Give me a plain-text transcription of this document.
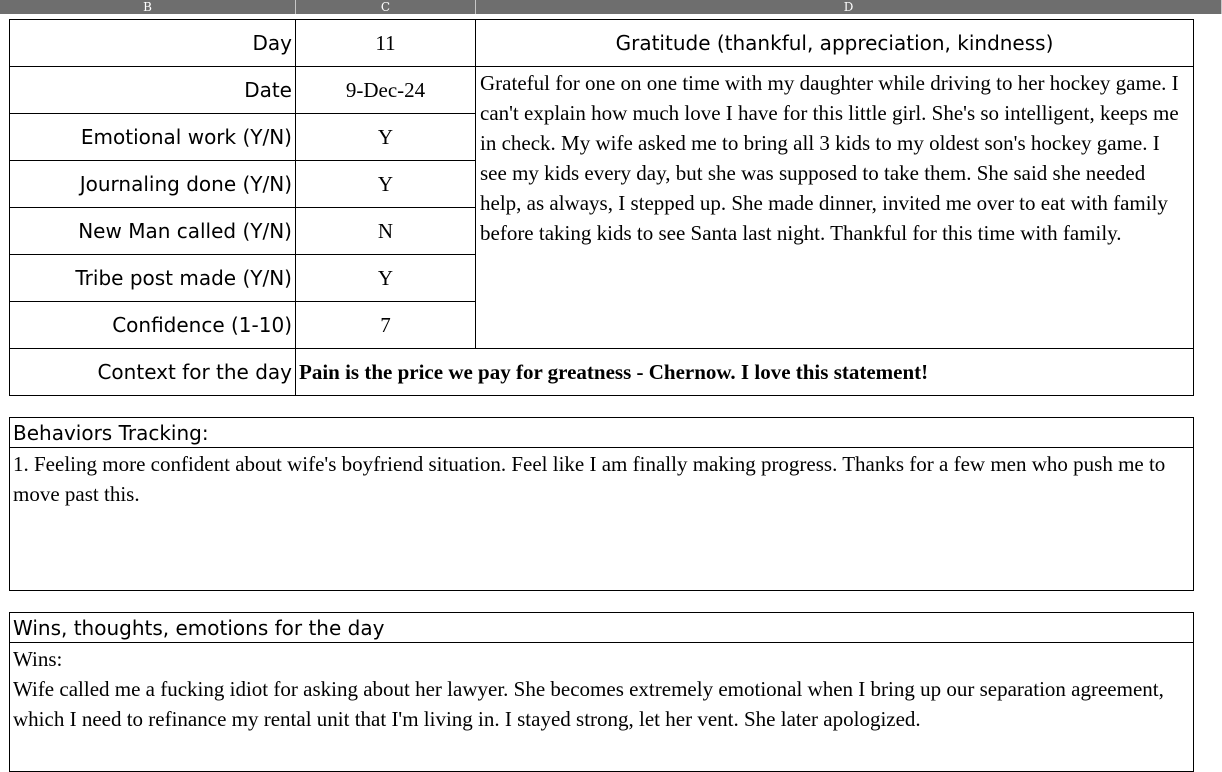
B	C	D
Day
Date
Emotional work (Y/N)
Journaling done (Y/N)
New Man called (Y/N)
Tribe post made (Y/N)
Confidence (1-10)
Context for the day
11
9-Dec-24
Y
Y
N
Y
7
Gratitude (thankful, appreciation, kindness)
Grateful for one on one time with my daughter while driving to her hockey game. I can't explain how much love I have for this little girl. She's so intelligent, keeps me in check. My wife asked me to bring all 3 kids to my oldest son's hockey game. I see my kids every day, but she was supposed to take them. She said she needed help, as always, I stepped up. She made dinner, invited me over to eat with family before taking kids to see Santa last night. Thankful for this time with family.
Pain is the price we pay for greatness - Chernow. I love this statement!
Behaviors Tracking:
1. Feeling more confident about wife's boyfriend situation. Feel like I am finally making progress. Thanks for a few men who push me to move past this.
Wins, thoughts, emotions for the day
Wins:
Wife called me a fucking idiot for asking about her lawyer. She becomes extremely emotional when I bring up our separation agreement, which I need to refinance my rental unit that I'm living in. I stayed strong, let her vent. She later apologized.
